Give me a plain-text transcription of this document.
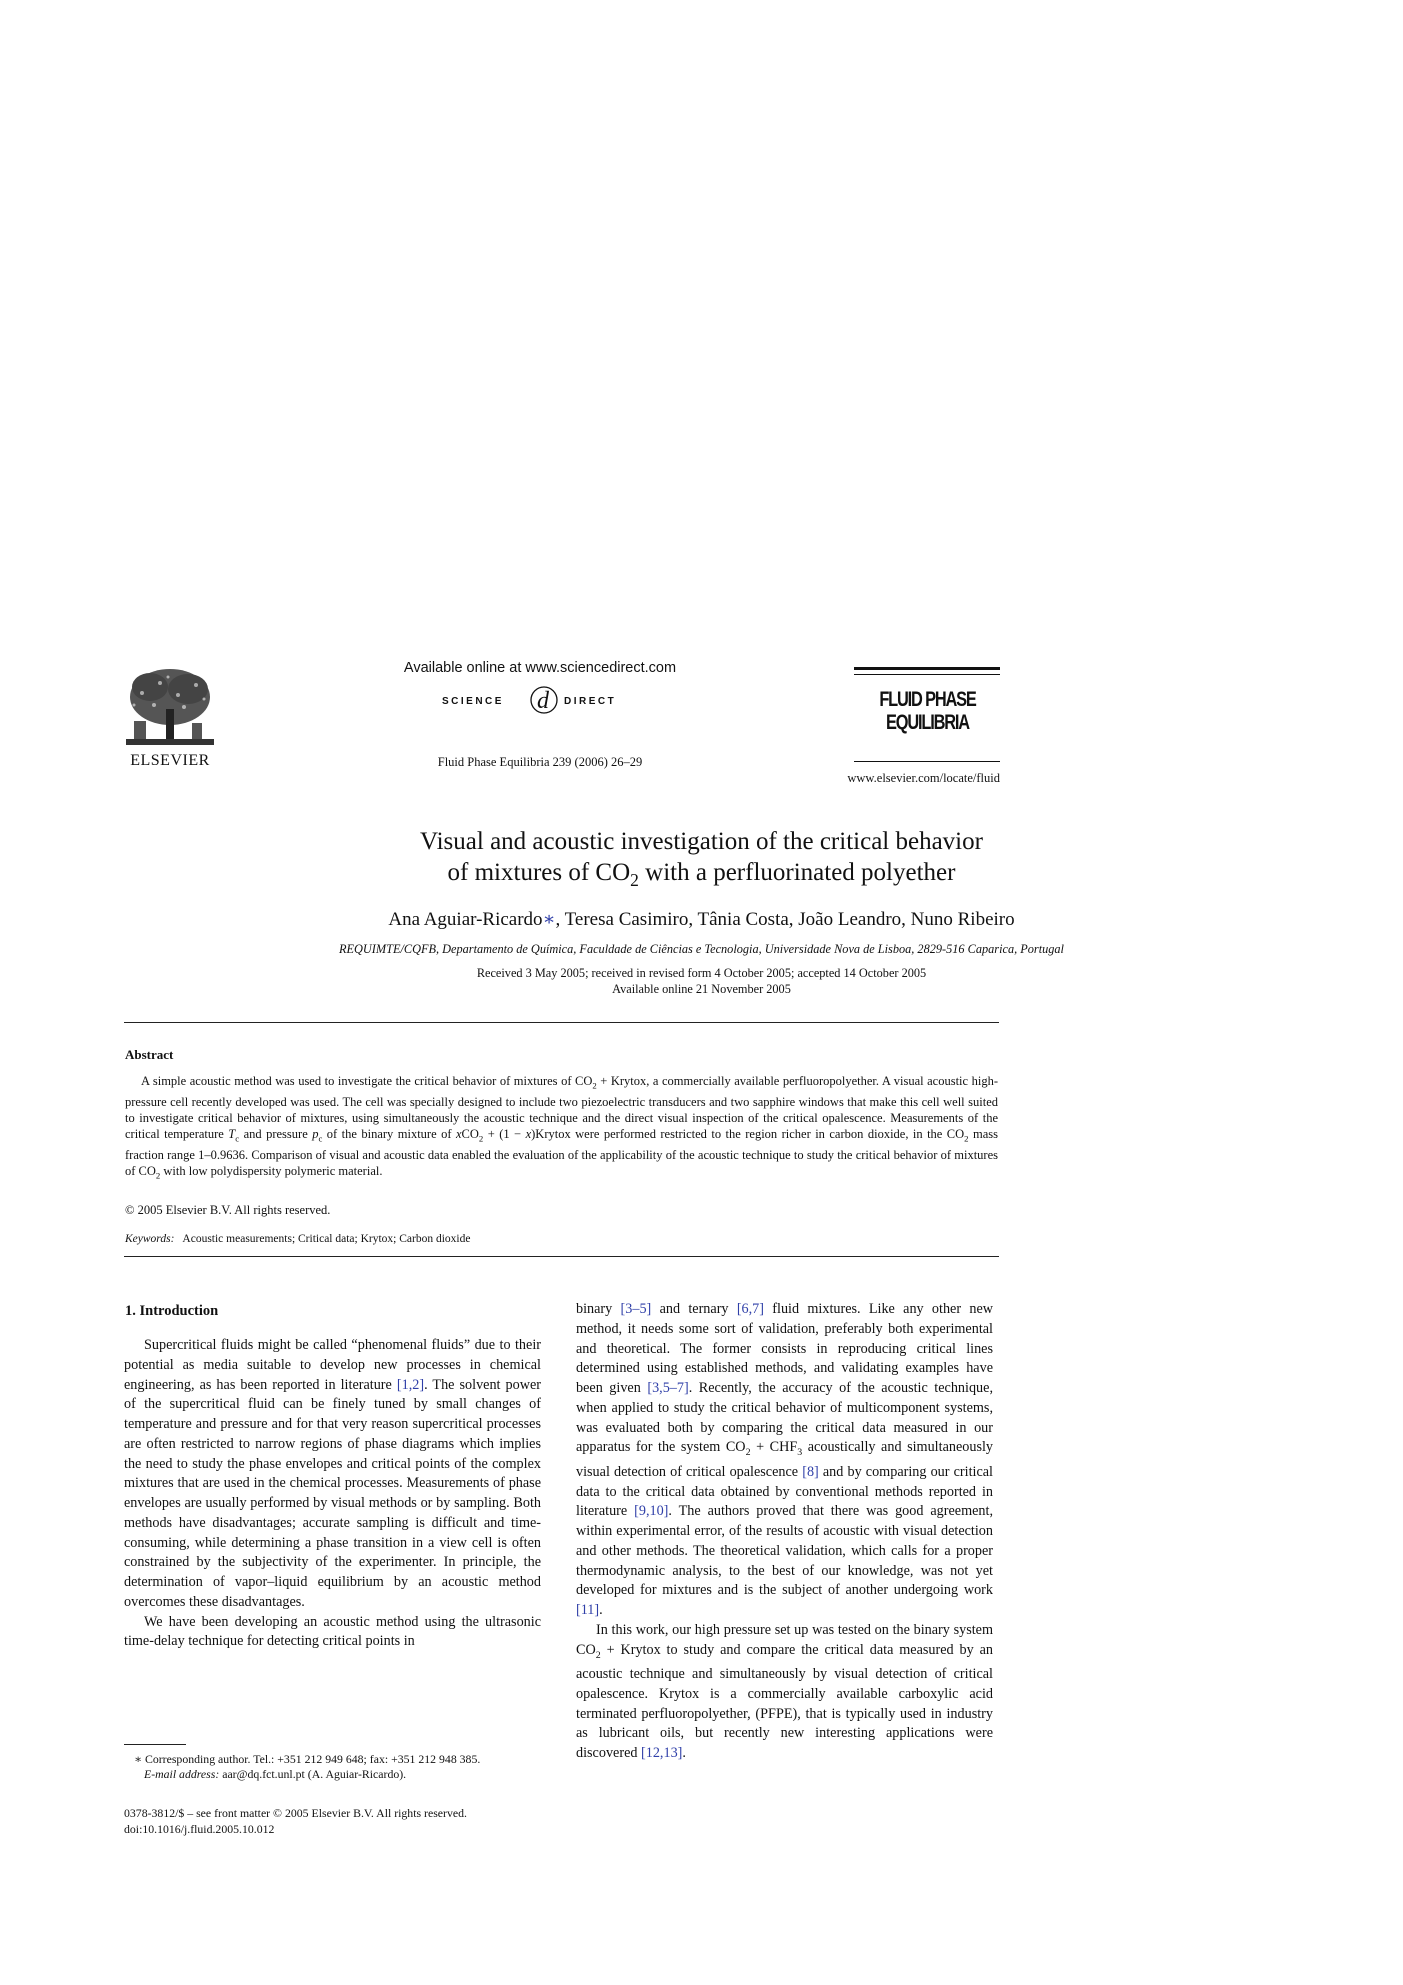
ELSEVIER
Available online at www.sciencedirect.com
SCIENCE d DIRECT
Fluid Phase Equilibria 239 (2006) 26–29
FLUID PHASE
EQUILIBRIA
www.elsevier.com/locate/fluid
Visual and acoustic investigation of the critical behavior
of mixtures of $CO_2$ with a perfluorinated polyether
Ana Aguiar-Ricardo∗, Teresa Casimiro, Tânia Costa, João Leandro, Nuno Ribeiro
REQUIMTE/CQFB, Departamento de Química, Faculdade de Ciências e Tecnologia, Universidade Nova de Lisboa, 2829-516 Caparica, Portugal
Received 3 May 2005; received in revised form 4 October 2005; accepted 14 October 2005
Available online 21 November 2005
Abstract
A simple acoustic method was used to investigate the critical behavior of mixtures of $CO_2$ + Krytox, a commercially available perfluoropolyether. A visual acoustic high-pressure cell recently developed was used. The cell was specially designed to include two piezoelectric transducers and two sapphire windows that make this cell well suited to investigate critical behavior of mixtures, using simultaneously the acoustic technique and the direct visual inspection of the critical opalescence. Measurements of the critical temperature $T_c$ and pressure $p_c$ of the binary mixture of xCO$_2$ + (1 − x)Krytox were performed restricted to the region richer in carbon dioxide, in the $CO_2$ mass fraction range 1–0.9636. Comparison of visual and acoustic data enabled the evaluation of the applicability of the acoustic technique to study the critical behavior of mixtures of $CO_2$ with low polydispersity polymeric material.
© 2005 Elsevier B.V. All rights reserved.
Keywords: Acoustic measurements; Critical data; Krytox; Carbon dioxide
1. Introduction

Supercritical fluids might be called “phenomenal fluids” due to their potential as media suitable to develop new processes in chemical engineering, as has been reported in literature [1,2]. The solvent power of the supercritical fluid can be finely tuned by small changes of temperature and pressure and for that very reason supercritical processes are often restricted to narrow regions of phase diagrams which implies the need to study the phase envelopes and critical points of the complex mixtures that are used in the chemical processes. Measurements of phase envelopes are usually performed by visual methods or by sampling. Both methods have disadvantages; accurate sampling is difficult and time-consuming, while determining a phase transition in a view cell is often constrained by the subjectivity of the experimenter. In principle, the determination of vapor–liquid equilibrium by an acoustic method overcomes these disadvantages.

We have been developing an acoustic method using the ultrasonic time-delay technique for detecting critical points in

binary [3–5] and ternary [6,7] fluid mixtures. Like any other new method, it needs some sort of validation, preferably both experimental and theoretical. The former consists in reproducing critical lines determined using established methods, and validating examples have been given [3,5–7]. Recently, the accuracy of the acoustic technique, when applied to study the critical behavior of multicomponent systems, was evaluated both by comparing the critical data measured in our apparatus for the system $CO_2 + CHF_3$ acoustically and simultaneously visual detection of critical opalescence [8] and by comparing our critical data to the critical data obtained by conventional methods reported in literature [9,10]. The authors proved that there was good agreement, within experimental error, of the results of acoustic with visual detection and other methods. The theoretical validation, which calls for a proper thermodynamic analysis, to the best of our knowledge, was not yet developed for mixtures and is the subject of another undergoing work [11].

In this work, our high pressure set up was tested on the binary system $CO_2$ + Krytox to study and compare the critical data measured by an acoustic technique and simultaneously by visual detection of critical opalescence. Krytox is a commercially available carboxylic acid terminated perfluoropolyether, (PFPE), that is typically used in industry as lubricant oils, but recently new interesting applications were discovered [12,13].

∗ Corresponding author. Tel.: +351 212 949 648; fax: +351 212 948 385.
E-mail address: aar@dq.fct.unl.pt (A. Aguiar-Ricardo).
0378-3812/$ – see front matter © 2005 Elsevier B.V. All rights reserved.
doi:10.1016/j.fluid.2005.10.012
